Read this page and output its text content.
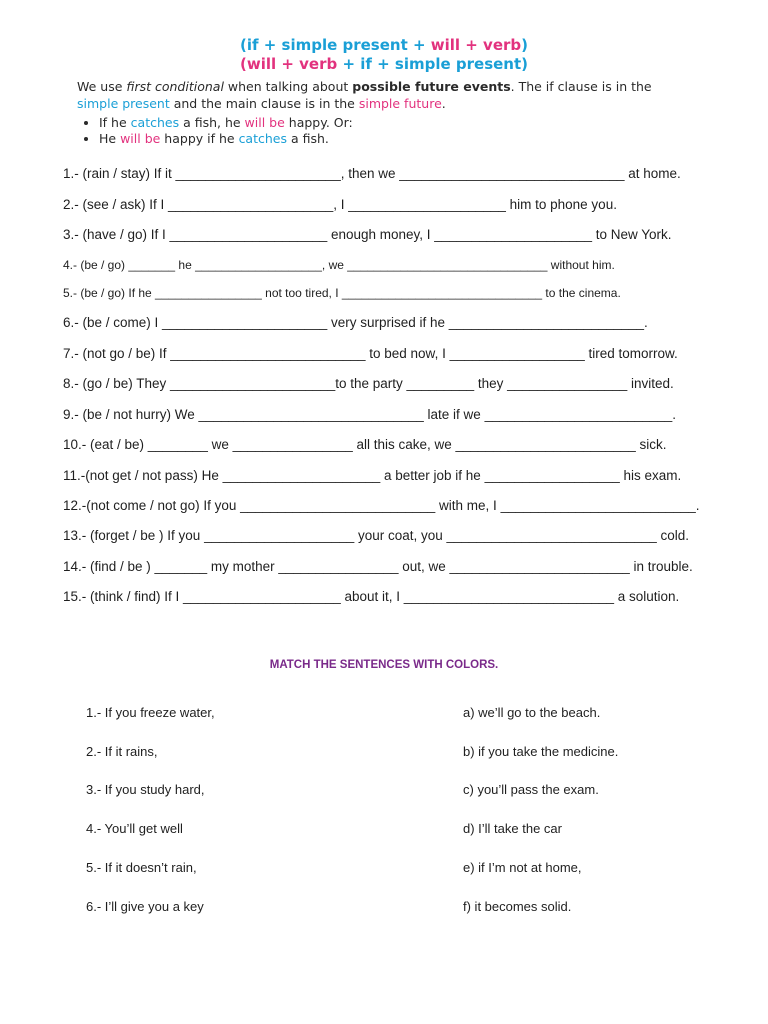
(if + simple present + will + verb)
(will + verb + if + simple present)
We use first conditional when talking about possible future events. The if clause is in the simple present and the main clause is in the simple future.
• If he catches a fish, he will be happy. Or:
• He will be happy if he catches a fish.
1.- (rain / stay) If it ______________________, then we ______________________________ at home.
2.- (see / ask) If I ______________________, I _____________________ him to phone you.
3.- (have / go) If I _____________________ enough money, I _____________________ to New York.
4.- (be / go) _______ he ___________________, we ______________________________ without him.
5.- (be / go) If he ________________ not too tired, I ______________________________ to the cinema.
6.- (be / come) I ______________________ very surprised if he __________________________.
7.- (not go / be) If __________________________ to bed now, I __________________ tired tomorrow.
8.- (go / be) They ______________________to the party _________ they ________________ invited.
9.- (be / not hurry) We ______________________________ late if we _________________________.
10.- (eat / be) ________ we ________________ all this cake, we ________________________ sick.
11.-(not get / not pass) He _____________________ a better job if he __________________ his exam.
12.-(not come / not go) If you __________________________ with me, I __________________________.
13.- (forget / be ) If you ____________________ your coat, you ____________________________ cold.
14.- (find / be ) _______ my mother ________________ out, we ________________________ in trouble.
15.- (think / find) If I _____________________ about it, I ____________________________ a solution.
MATCH THE SENTENCES WITH COLORS.
1.- If you freeze water,
2.- If it rains,
3.- If you study hard,
4.- You’ll get well
5.- If it doesn’t rain,
6.- I’ll give you a key
a) we’ll go to the beach.
b) if you take the medicine.
c) you’ll pass the exam.
d) I’ll take the car
e) if I’m not at home,
f) it becomes solid.
